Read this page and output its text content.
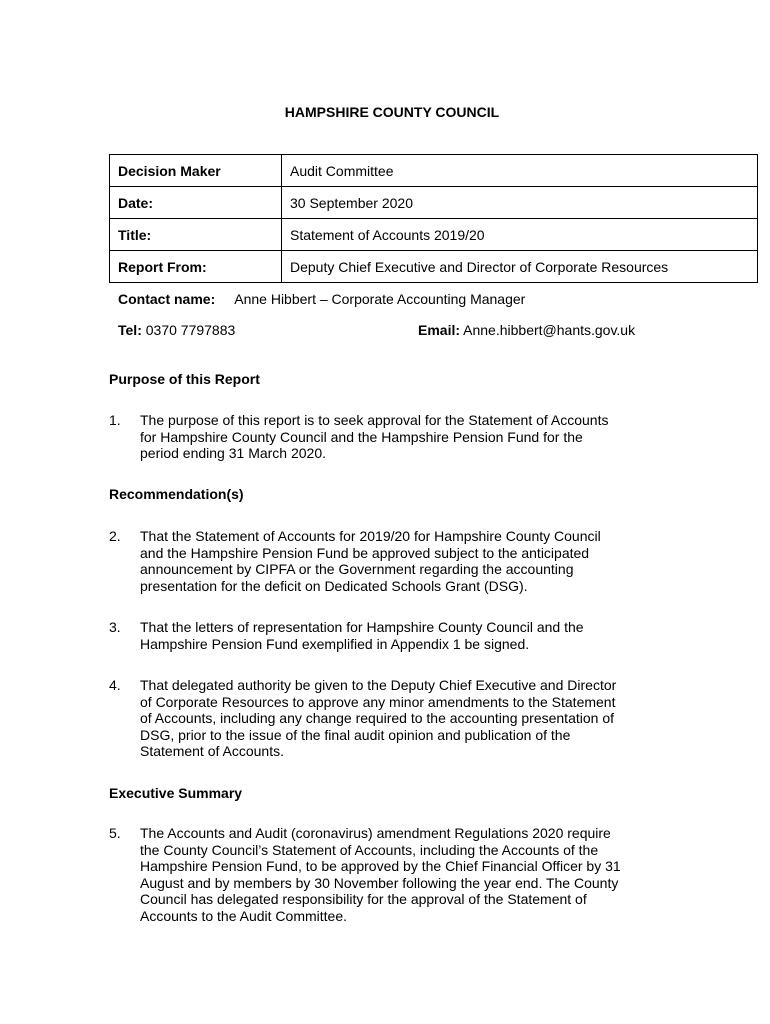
HAMPSHIRE COUNTY COUNCIL
Decision Maker	Audit Committee
Date:	30 September 2020
Title:	Statement of Accounts 2019/20
Report From:	Deputy Chief Executive and Director of Corporate Resources
Contact name: Anne Hibbert – Corporate Accounting Manager
Tel: 0370 7797883	Email: Anne.hibbert@hants.gov.uk
Purpose of this Report
1. The purpose of this report is to seek approval for the Statement of Accounts
for Hampshire County Council and the Hampshire Pension Fund for the
period ending 31 March 2020.
Recommendation(s)
2. That the Statement of Accounts for 2019/20 for Hampshire County Council
and the Hampshire Pension Fund be approved subject to the anticipated
announcement by CIPFA or the Government regarding the accounting
presentation for the deficit on Dedicated Schools Grant (DSG).
3. That the letters of representation for Hampshire County Council and the
Hampshire Pension Fund exemplified in Appendix 1 be signed.
4. That delegated authority be given to the Deputy Chief Executive and Director
of Corporate Resources to approve any minor amendments to the Statement
of Accounts, including any change required to the accounting presentation of
DSG, prior to the issue of the final audit opinion and publication of the
Statement of Accounts.
Executive Summary
5. The Accounts and Audit (coronavirus) amendment Regulations 2020 require
the County Council’s Statement of Accounts, including the Accounts of the
Hampshire Pension Fund, to be approved by the Chief Financial Officer by 31
August and by members by 30 November following the year end. The County
Council has delegated responsibility for the approval of the Statement of
Accounts to the Audit Committee.
